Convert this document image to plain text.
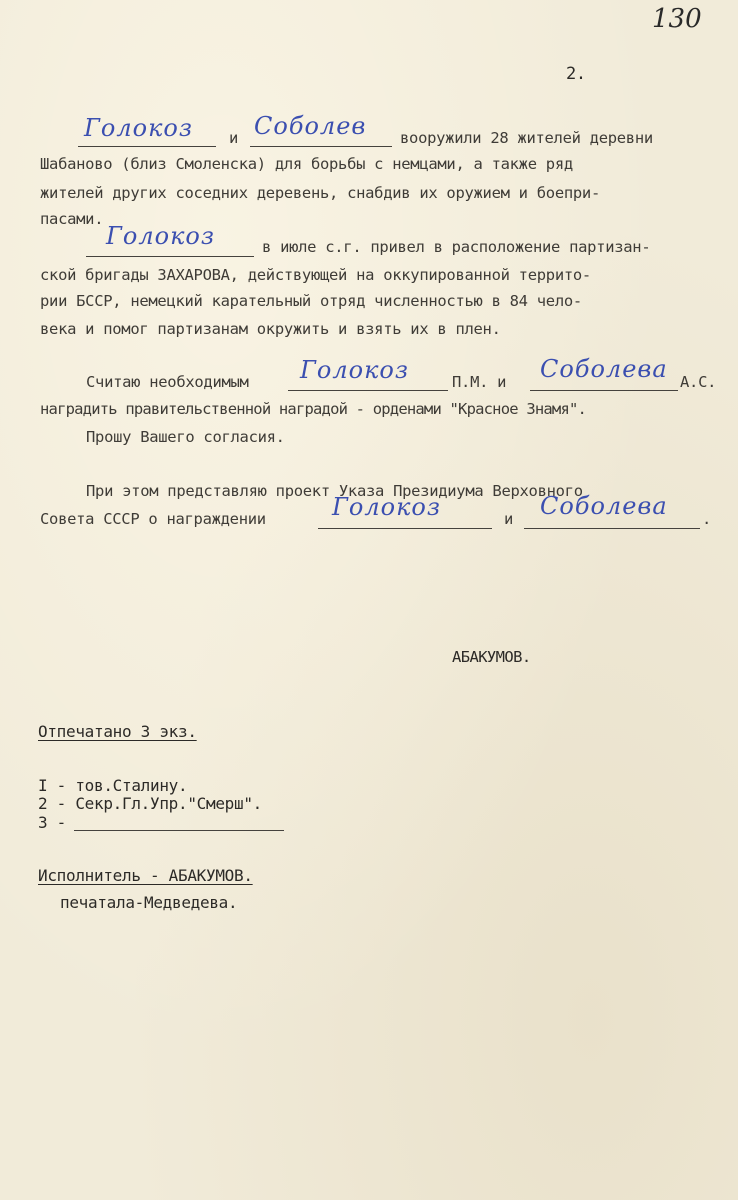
130
2.
Голокоз и Соболев вооружили 28 жителей деревни
Шабаново (близ Смоленска) для борьбы с немцами, а также ряд
жителей других соседних деревень, снабдив их оружием и боепри-
пасами.
Голокоз	в июле с.г. привел в расположение партизан-
ской бригады ЗАХАРОВА, действующей на оккупированной террито-
рии БССР, немецкий карательный отряд численностью в 84 чело-
века и помог партизанам окружить и взять их в плен.
Считаю необходимым Голокоз	П.М. и Соболева А.С.
наградить правительственной наградой - орденами "Красное Знамя".
Прошу Вашего согласия.
При этом представляю проект Указа Президиума Верховного
Совета СССР о награждении	Голокоз	и Соболева .
АБАКУМОВ.
Отпечатано 3 экз.
I - тов.Сталину.
2 - Секр.Гл.Упр."Смерш".
3 -
Исполнитель - АБАКУМОВ.
печатала-Медведева.
